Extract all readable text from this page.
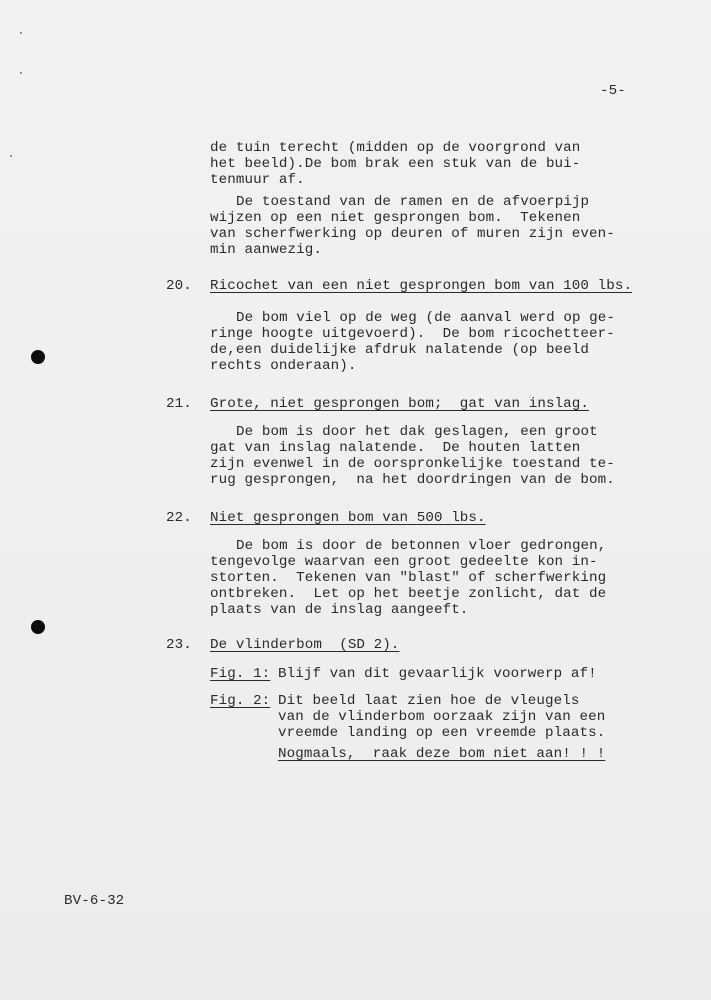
-5-

de tuin terecht (midden op de voorgrond van

het beeld).De bom brak een stuk van de bui-

tenmuur af.

De toestand van de ramen en de afvoerpijp

wijzen op een niet gesprongen bom.  Tekenen

van scherfwerking op deuren of muren zijn even-

min aanwezig.

20. Ricochet van een niet gesprongen bom van 100 lbs.

De bom viel op de weg (de aanval werd op ge-

ringe hoogte uitgevoerd).  De bom ricochetteer-

de,een duidelijke afdruk nalatende (op beeld

rechts onderaan).

21. Grote, niet gesprongen bom;  gat van inslag.

De bom is door het dak geslagen, een groot

gat van inslag nalatende.  De houten latten

zijn evenwel in de oorspronkelijke toestand te-

rug gesprongen,  na het doordringen van de bom.

22. Niet gesprongen bom van 500 lbs.

De bom is door de betonnen vloer gedrongen,

tengevolge waarvan een groot gedeelte kon in-

storten.  Tekenen van "blast" of scherfwerking

ontbreken.  Let op het beetje zonlicht, dat de

plaats van de inslag aangeeft.

23. De vlinderbom  (SD 2).

Fig. 1: Blijf van dit gevaarlijk voorwerp af!

Fig. 2: Dit beeld laat zien hoe de vleugels

van de vlinderbom oorzaak zijn van een

vreemde landing op een vreemde plaats.

Nogmaals,  raak deze bom niet aan! ! !

BV-6-32
